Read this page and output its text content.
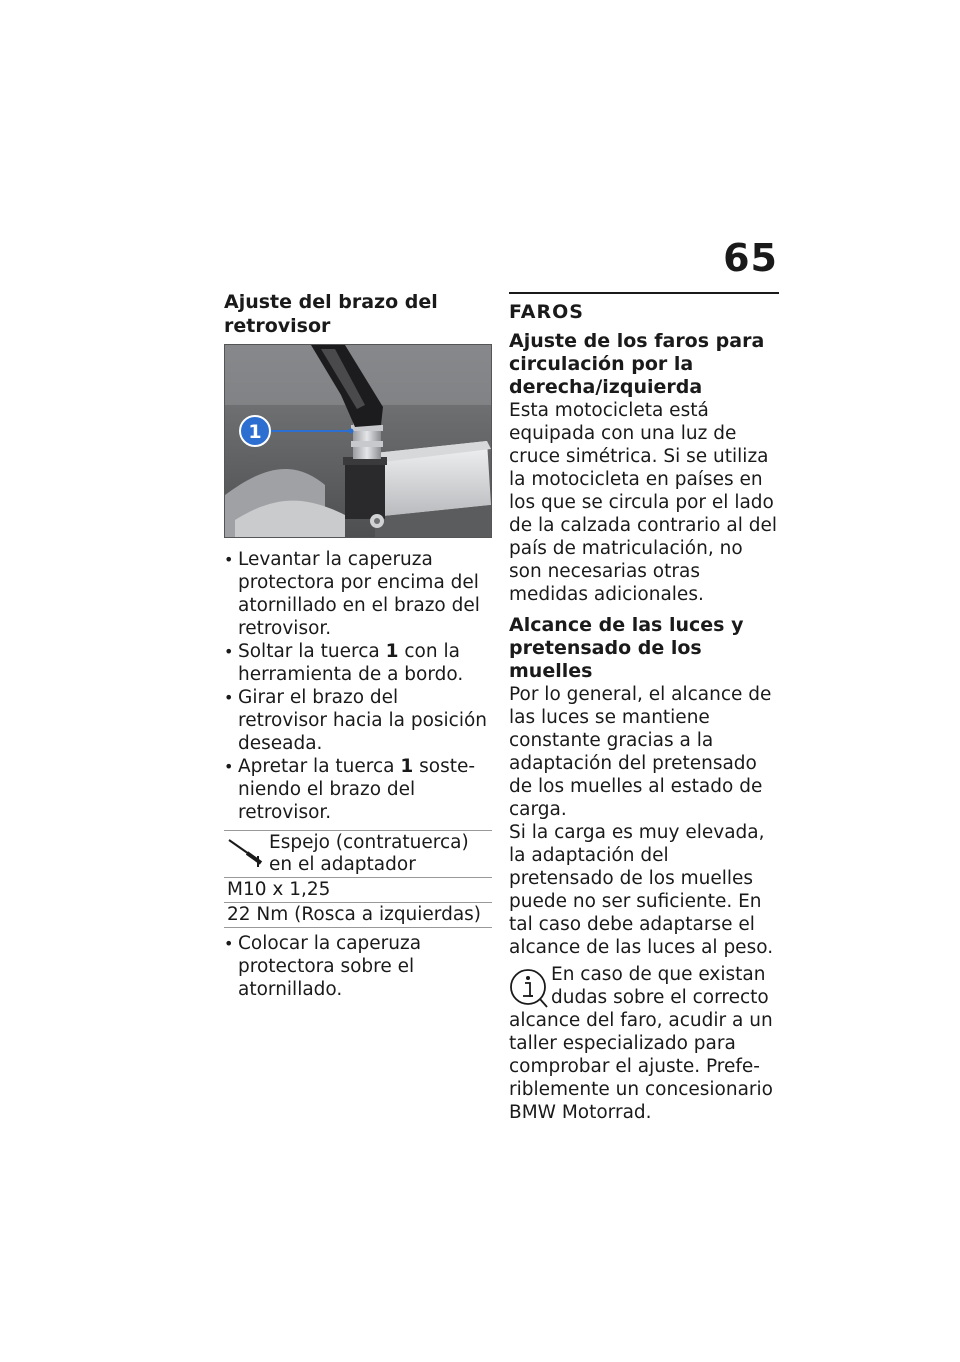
65
Ajuste del brazo del retrovisor
1
• Levantar la caperuza protectora por encima del atornillado en el brazo del retrovisor.
• Soltar la tuerca 1 con la herramienta de a bordo.
• Girar el brazo del retrovisor hacia la posición deseada.
• Apretar la tuerca 1 sosteniendo el brazo del retrovisor.
Espejo (contratuerca) en el adaptador

M10 x 1,25
22 Nm (Rosca a izquierdas)
• Colocar la caperuza protectora sobre el atornillado.
FAROS
Ajuste de los faros para circulación por la derecha/izquierda

Esta motocicleta está equipada con una luz de cruce simétrica. Si se utiliza la motocicleta en países en los que se circula por el lado de la calzada contrario al del país de matriculación, no son necesarias otras medidas adicionales.

Alcance de las luces y pretensado de los muelles

Por lo general, el alcance de las luces se mantiene constante gracias a la adaptación del pretensado de los muelles al estado de carga.

Si la carga es muy elevada, la adaptación del pretensado de los muelles puede no ser suficiente. En tal caso debe adaptarse el alcance de las luces al peso.

En caso de que existan dudas sobre el correcto alcance del faro, acudir a un taller especializado para comprobar el ajuste. Preferiblemente un concesionario BMW Motorrad.
